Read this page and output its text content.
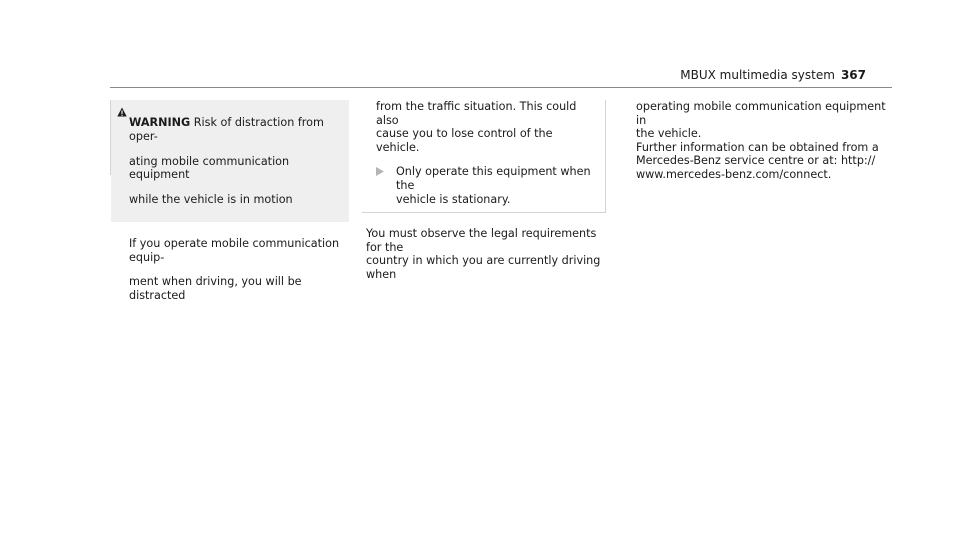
MBUX multimedia system 367

WARNING Risk of distraction from oper-

ating mobile communication equipment

while the vehicle is in motion

If you operate mobile communication equip-

ment when driving, you will be distracted

from the traffic situation. This could also

cause you to lose control of the vehicle.

Only operate this equipment when the

vehicle is stationary.

You must observe the legal requirements for the

country in which you are currently driving when

operating mobile communication equipment in

the vehicle.

Further information can be obtained from a

Mercedes-Benz service centre or at: http://

www.mercedes-benz.com/connect.
